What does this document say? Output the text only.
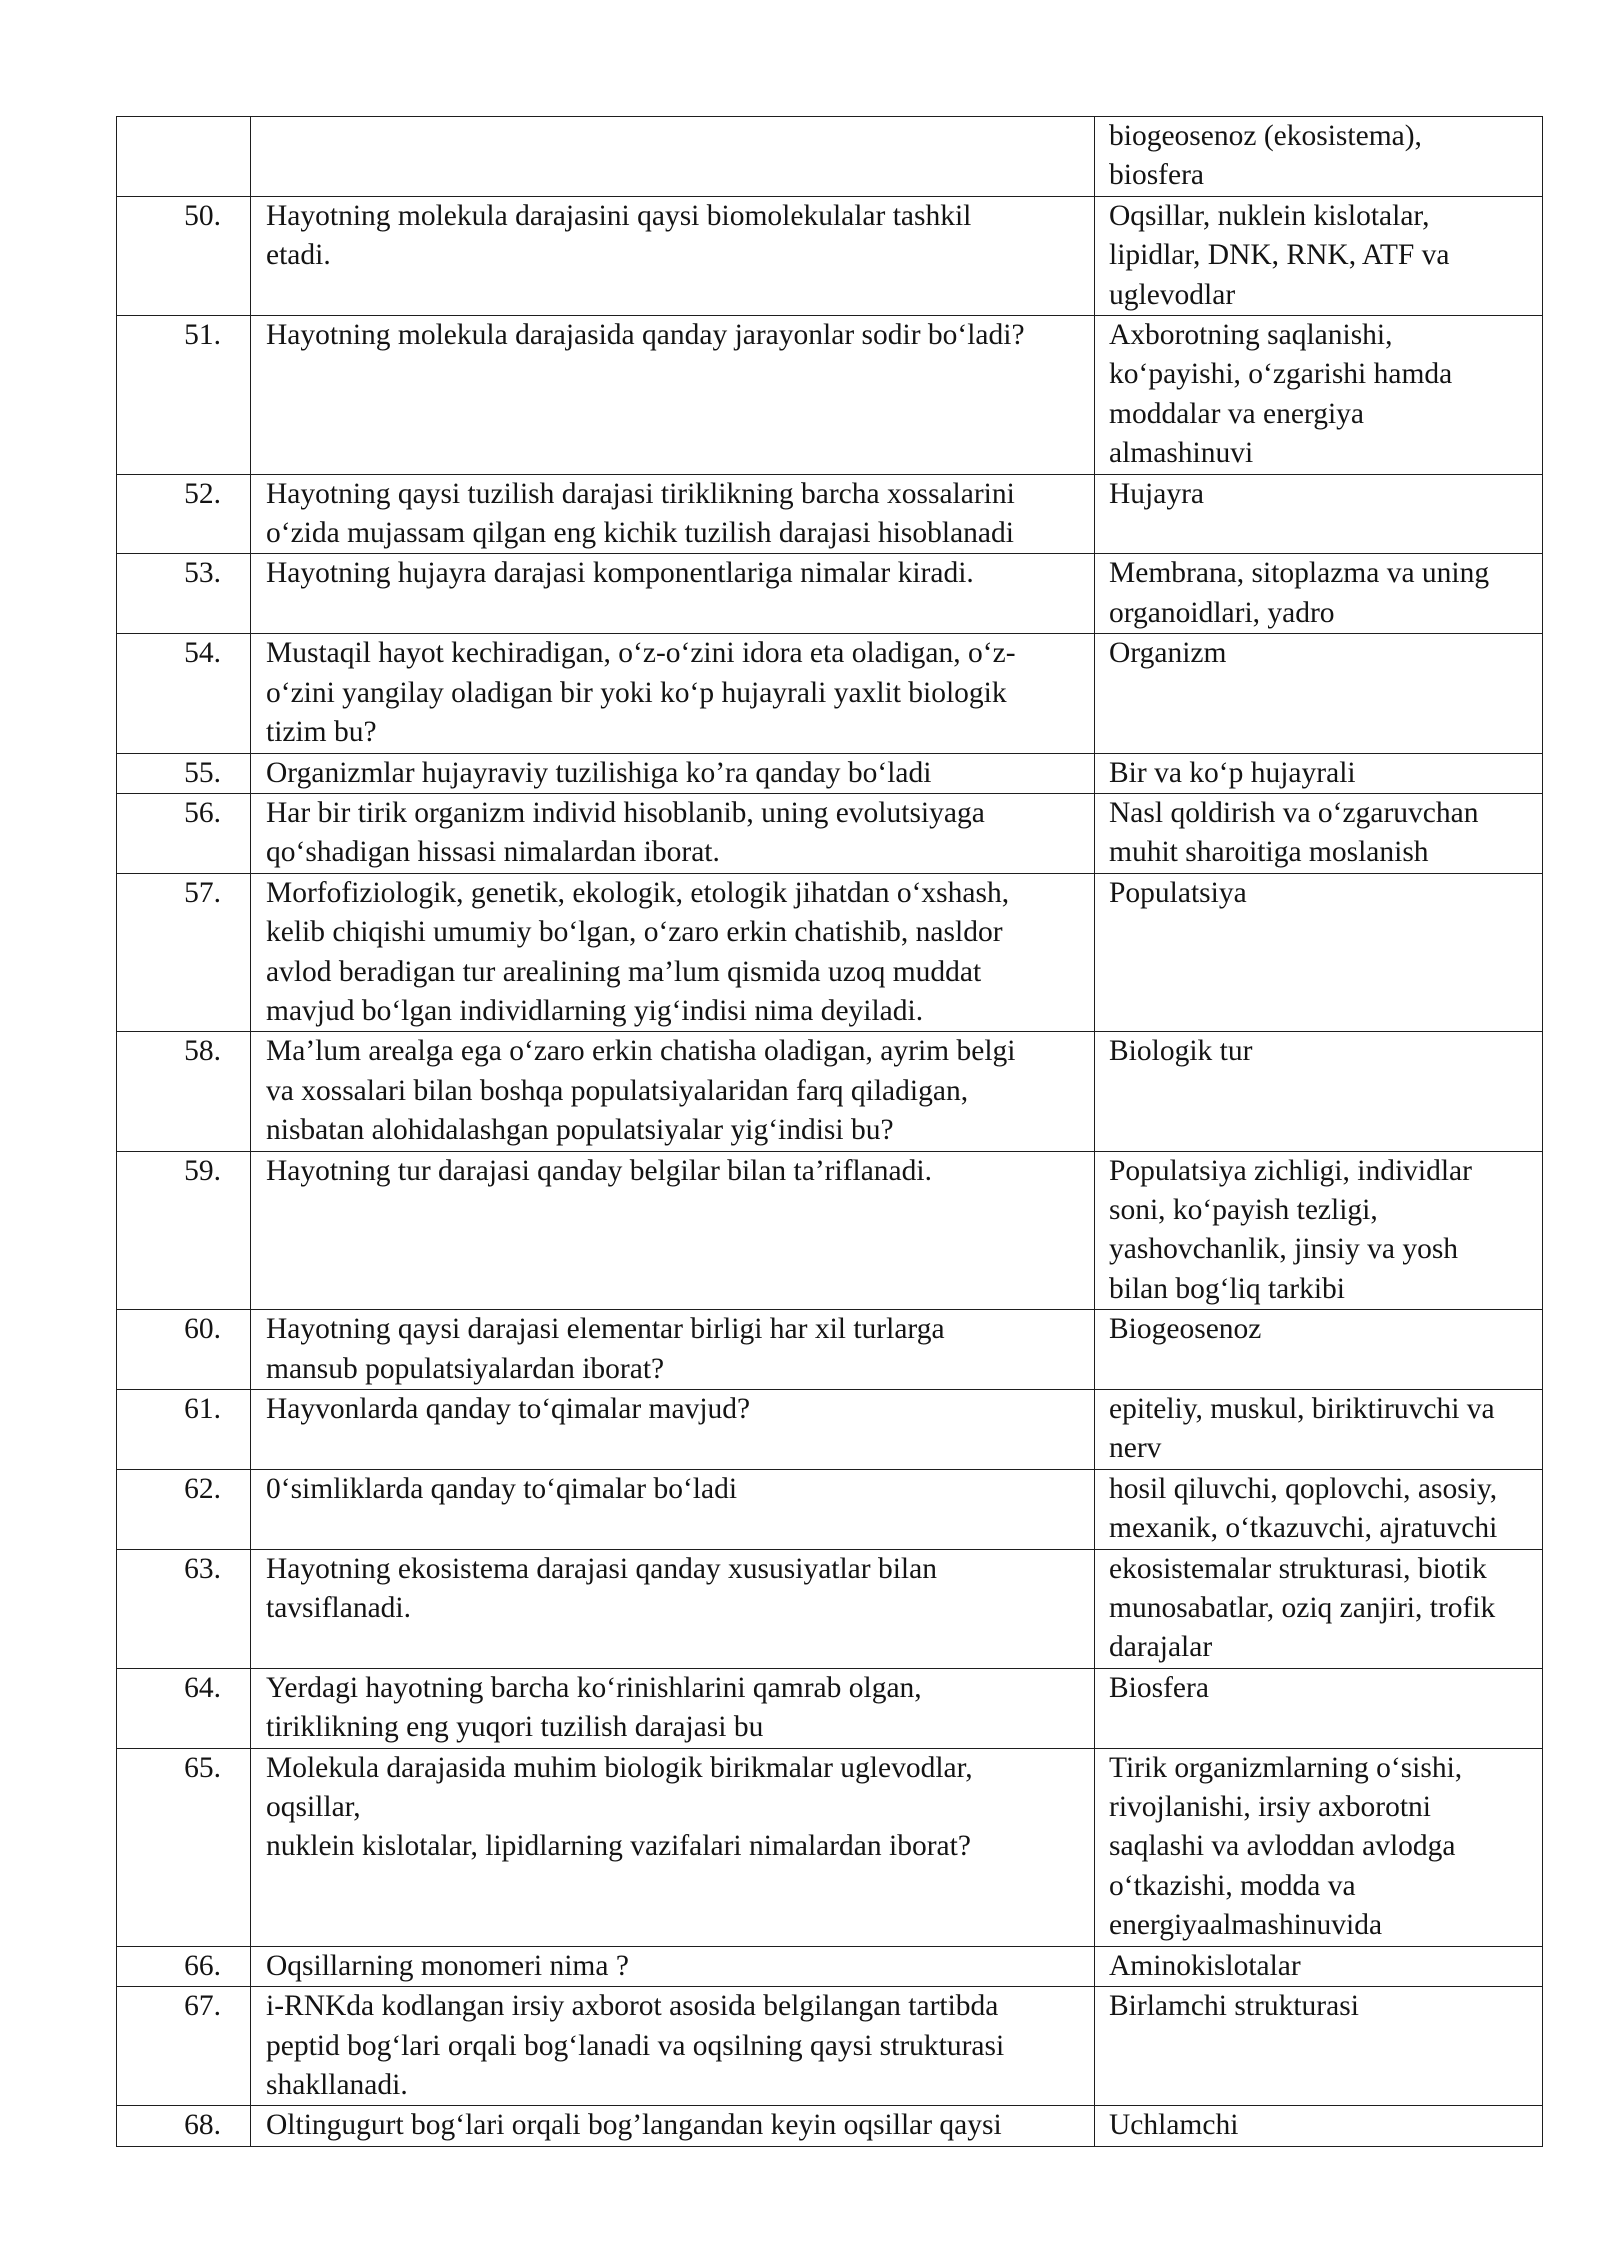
		biogeosenoz (ekosistema),
biosfera
50.	Hayotning molekula darajasini qaysi biomolekulalar tashkil
etadi.	Oqsillar, nuklein kislotalar,
lipidlar, DNK, RNK, ATF va
uglevodlar
51.	Hayotning molekula darajasida qanday jarayonlar sodir bo‘ladi?	Axborotning saqlanishi,
ko‘payishi, o‘zgarishi hamda
moddalar va energiya
almashinuvi
52.	Hayotning qaysi tuzilish darajasi tiriklikning barcha xossalarini
o‘zida mujassam qilgan eng kichik tuzilish darajasi hisoblanadi	Hujayra
53.	Hayotning hujayra darajasi komponentlariga nimalar kiradi.	Membrana, sitoplazma va uning
organoidlari, yadro
54.	Mustaqil hayot kechiradigan, o‘z-o‘zini idora eta oladigan, o‘z-
o‘zini yangilay oladigan bir yoki ko‘p hujayrali yaxlit biologik
tizim bu?	Organizm
55.	Organizmlar hujayraviy tuzilishiga ko’ra qanday bo‘ladi	Bir va ko‘p hujayrali
56.	Har bir tirik organizm individ hisoblanib, uning evolutsiyaga
qo‘shadigan hissasi nimalardan iborat.	Nasl qoldirish va o‘zgaruvchan
muhit sharoitiga moslanish
57.	Morfofiziologik, genetik, ekologik, etologik jihatdan o‘xshash,
kelib chiqishi umumiy bo‘lgan, o‘zaro erkin chatishib, nasldor
avlod beradigan tur arealining ma’lum qismida uzoq muddat
mavjud bo‘lgan individlarning yig‘indisi nima deyiladi.	Populatsiya
58.	Ma’lum arealga ega o‘zaro erkin chatisha oladigan, ayrim belgi
va xossalari bilan boshqa populatsiyalaridan farq qiladigan,
nisbatan alohidalashgan populatsiyalar yig‘indisi bu?	Biologik tur
59.	Hayotning tur darajasi qanday belgilar bilan ta’riflanadi.	Populatsiya zichligi, individlar
soni, ko‘payish tezligi,
yashovchanlik, jinsiy va yosh
bilan bog‘liq tarkibi
60.	Hayotning qaysi darajasi elementar birligi har xil turlarga
mansub populatsiyalardan iborat?	Biogeosenoz
61.	Hayvonlarda qanday to‘qimalar mavjud?	epiteliy, muskul, biriktiruvchi va
nerv
62.	0‘simliklarda qanday to‘qimalar bo‘ladi	hosil qiluvchi, qoplovchi, asosiy,
mexanik, o‘tkazuvchi, ajratuvchi
63.	Hayotning ekosistema darajasi qanday xususiyatlar bilan
tavsiflanadi.	ekosistemalar strukturasi, biotik
munosabatlar, oziq zanjiri, trofik
darajalar
64.	Yerdagi hayotning barcha ko‘rinishlarini qamrab olgan,
tiriklikning eng yuqori tuzilish darajasi bu	Biosfera
65.	Molekula darajasida muhim biologik birikmalar uglevodlar,
oqsillar,
nuklein kislotalar, lipidlarning vazifalari nimalardan iborat?	Tirik organizmlarning o‘sishi,
rivojlanishi, irsiy axborotni
saqlashi va avloddan avlodga
o‘tkazishi, modda va
energiyaalmashinuvida
66.	Oqsillarning monomeri nima ?	Aminokislotalar
67.	i-RNKda kodlangan irsiy axborot asosida belgilangan tartibda
peptid bog‘lari orqali bog‘lanadi va oqsilning qaysi strukturasi
shakllanadi.	Birlamchi strukturasi
68.	Oltingugurt bog‘lari orqali bog’langandan keyin oqsillar qaysi	Uchlamchi
